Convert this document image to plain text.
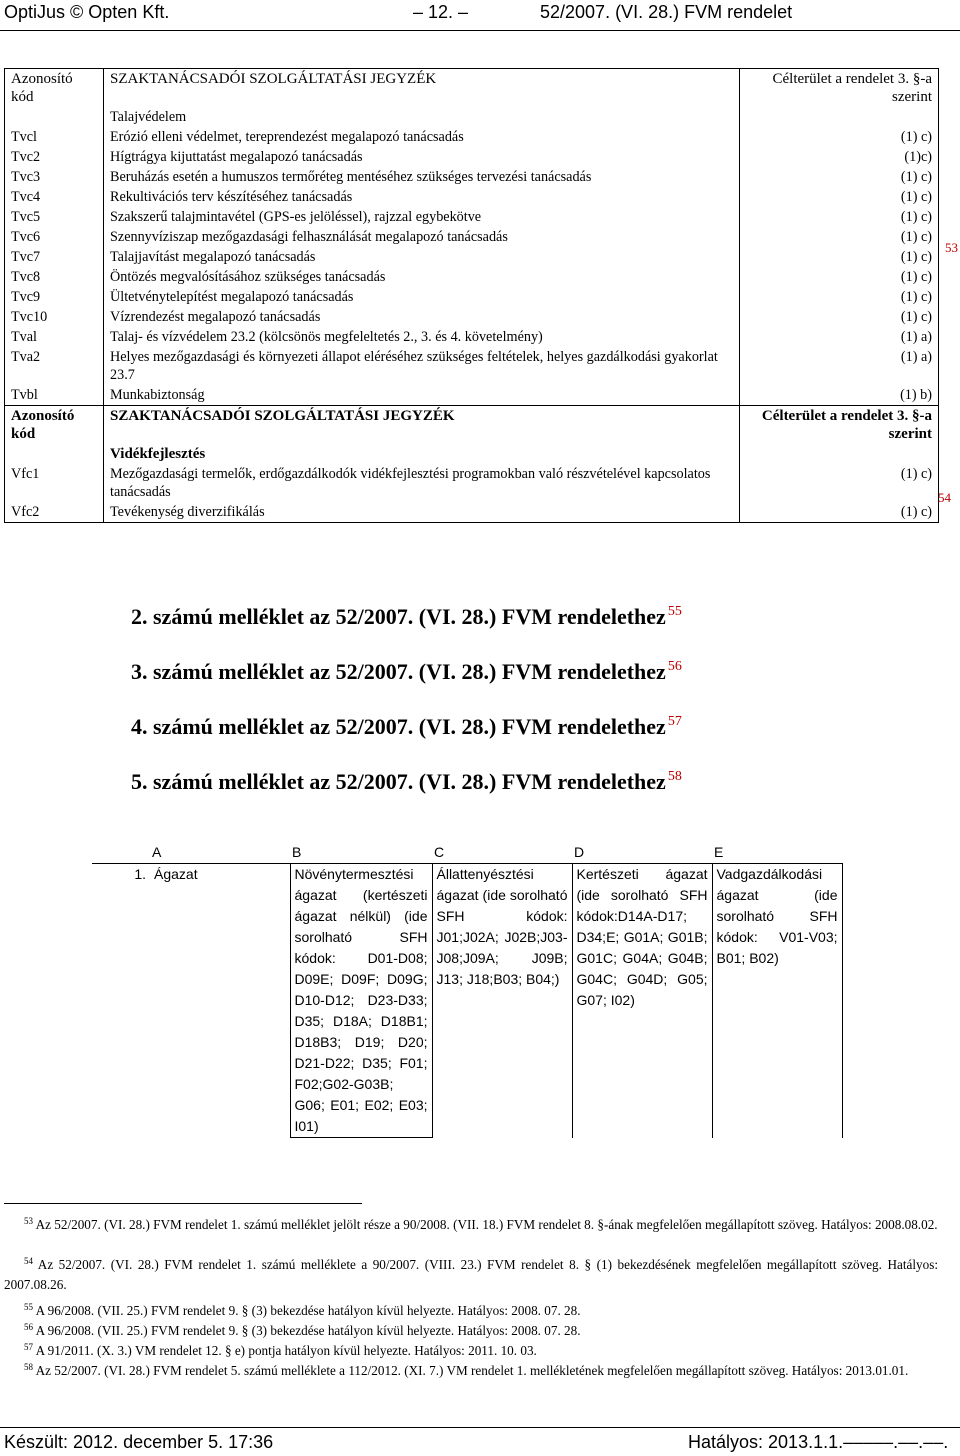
OptiJus © Opten Kft.	– 12. –	52/2007. (VI. 28.) FVM rendelet
Azonosító kód	SZAKTANÁCSADÓI SZOLGÁLTATÁSI JEGYZÉK	Célterület a rendelet 3. §-a szerint
	Talajvédelem	
Tvcl	Erózió elleni védelmet, tereprendezést megalapozó tanácsadás	(1) c)
Tvc2	Hígtrágya kijuttatást megalapozó tanácsadás	(1)c)
Tvc3	Beruházás esetén a humuszos termőréteg mentéséhez szükséges tervezési tanácsadás	(1) c)
Tvc4	Rekultivációs terv készítéséhez tanácsadás	(1) c)
Tvc5	Szakszerű talajmintavétel (GPS-es jelöléssel), rajzzal egybekötve	(1) c)
Tvc6	Szennyvíziszap mezőgazdasági felhasználását megalapozó tanácsadás	(1) c)
Tvc7	Talajjavítást megalapozó tanácsadás	(1) c)
Tvc8	Öntözés megvalósításához szükséges tanácsadás	(1) c)
Tvc9	Ültetvénytelepítést megalapozó tanácsadás	(1) c)
Tvc10	Vízrendezést megalapozó tanácsadás	(1) c)
Tval	Talaj- és vízvédelem 23.2 (kölcsönös megfeleltetés 2., 3. és 4. követelmény)	(1) a)
Tva2	Helyes mezőgazdasági és környezeti állapot eléréséhez szükséges feltételek, helyes gazdálkodási gyakorlat 23.7	(1) a)
Tvbl	Munkabiztonság	(1) b)
Azonosító kód	SZAKTANÁCSADÓI SZOLGÁLTATÁSI JEGYZÉK	Célterület a rendelet 3. §-a szerint
	Vidékfejlesztés	
Vfc1	Mezőgazdasági termelők, erdőgazdálkodók vidékfejlesztési programokban való részvételével kapcsolatos tanácsadás	(1) c)
Vfc2	Tevékenység diverzifikálás	(1) c)
53
54
2. számú melléklet az 52/2007. (VI. 28.) FVM rendelethez $^{55}$
3. számú melléklet az 52/2007. (VI. 28.) FVM rendelethez $^{56}$
4. számú melléklet az 52/2007. (VI. 28.) FVM rendelethez $^{57}$
5. számú melléklet az 52/2007. (VI. 28.) FVM rendelethez $^{58}$
	A	B	C	D	E
1.	Ágazat	Növénytermesztési ágazat (kertészeti ágazat nélkül) (ide sorolható SFH kódok: D01-D08; D09E; D09F; D09G; D10-D12; D23-D33; D35; D18A; D18B1; D18B3; D19; D20; D21-D22; D35; F01; F02;G02-G03B; G06; E01; E02; E03; I01)	Állattenyésztési ágazat (ide sorolható SFH kódok: J01;J02A; J02B;J03-J08;J09A; J09B; J13; J18;B03; B04;)	Kertészeti ágazat (ide sorolható SFH kódok:D14A-D17; D34;E; G01A; G01B; G01C; G04A; G04B; G04C; G04D; G05; G07; I02)	Vadgazdálkodási ágazat (ide sorolható SFH kódok: V01-V03; B01; B02)
$^{53}$ Az 52/2007. (VI. 28.) FVM rendelet 1. számú melléklet jelölt része a 90/2008. (VII. 18.) FVM rendelet 8. §-ának megfelelően megállapított szöveg. Hatályos: 2008.08.02.
$^{54}$ Az 52/2007. (VI. 28.) FVM rendelet 1. számú melléklete a 90/2007. (VIII. 23.) FVM rendelet 8. § (1) bekezdésének megfelelően megállapított szöveg. Hatályos: 2007.08.26.
$^{55}$ A 96/2008. (VII. 25.) FVM rendelet 9. § (3) bekezdése hatályon kívül helyezte. Hatályos: 2008. 07. 28.
$^{56}$ A 96/2008. (VII. 25.) FVM rendelet 9. § (3) bekezdése hatályon kívül helyezte. Hatályos: 2008. 07. 28.
$^{57}$ A 91/2011. (X. 3.) VM rendelet 12. § e) pontja hatályon kívül helyezte. Hatályos: 2011. 10. 03.
$^{58}$ Az 52/2007. (VI. 28.) FVM rendelet 5. számú melléklete a 112/2012. (XI. 7.) VM rendelet 1. mellékletének megfelelően megállapított szöveg. Hatályos: 2013.01.01.
Készült: 2012. december 5. 17:36	Hatályos: 2013.1.1.–––––.––.––.
